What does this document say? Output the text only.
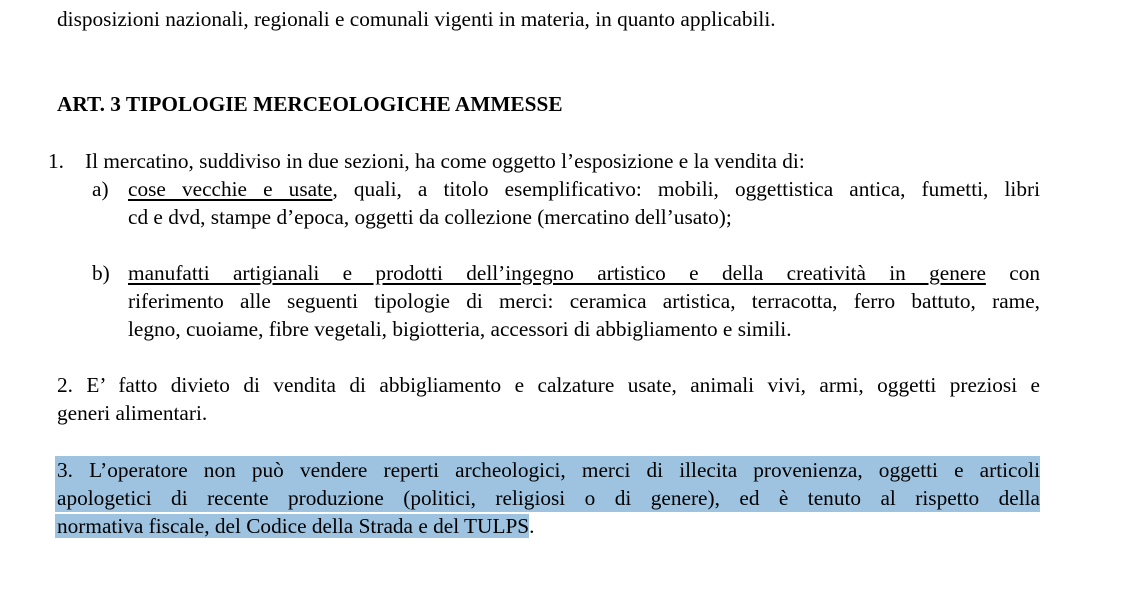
disposizioni nazionali, regionali e comunali vigenti in materia, in quanto applicabili.
ART. 3 TIPOLOGIE MERCEOLOGICHE AMMESSE
1. Il mercatino, suddiviso in due sezioni, ha come oggetto l’esposizione e la vendita di:
a) cose vecchie e usate, quali, a titolo esemplificativo: mobili, oggettistica antica, fumetti, libri
cd e dvd, stampe d’epoca, oggetti da collezione (mercatino dell’usato);
b) manufatti artigianali e prodotti dell’ingegno artistico e della creatività in genere con
riferimento alle seguenti tipologie di merci: ceramica artistica, terracotta, ferro battuto, rame,
legno, cuoiame, fibre vegetali, bigiotteria, accessori di abbigliamento e simili.
2. E’ fatto divieto di vendita di abbigliamento e calzature usate, animali vivi, armi, oggetti preziosi e
generi alimentari.
3. L’operatore non può vendere reperti archeologici, merci di illecita provenienza, oggetti e articoli
apologetici di recente produzione (politici, religiosi o di genere), ed è tenuto al rispetto della
normativa fiscale, del Codice della Strada e del TULPS.
